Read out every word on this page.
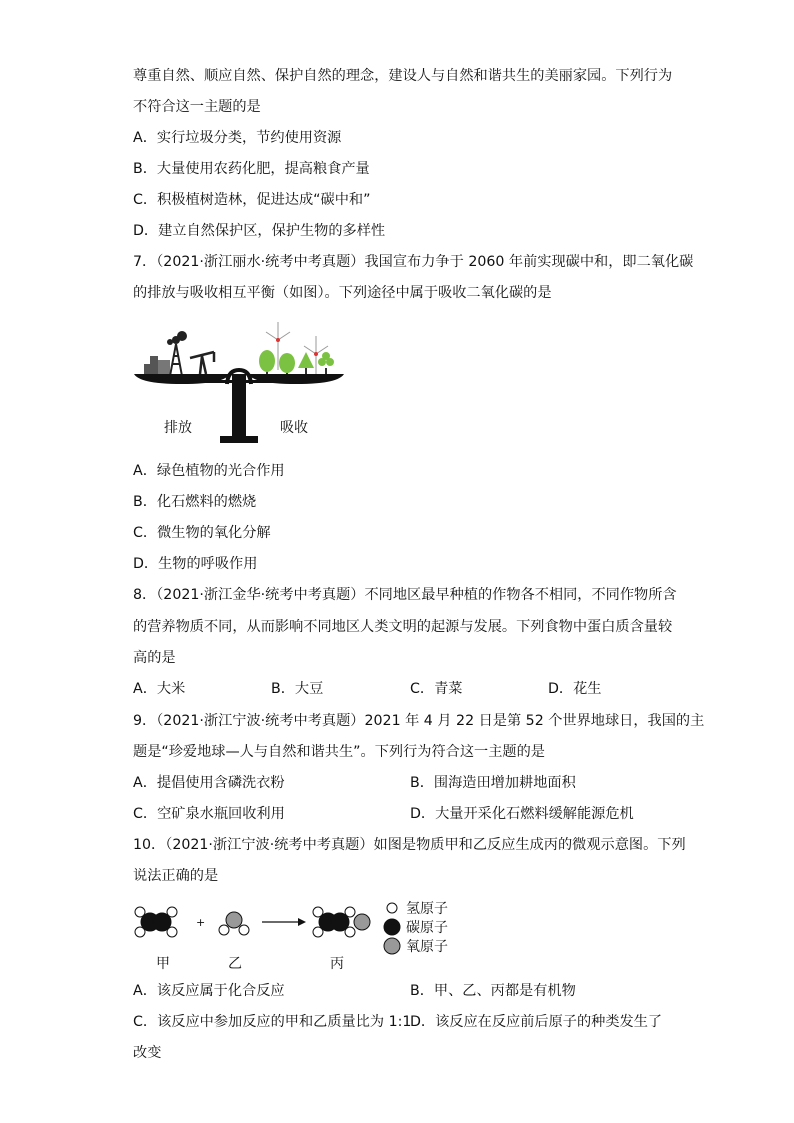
尊重自然、顺应自然、保护自然的理念，建设人与自然和谐共生的美丽家园。下列行为
不符合这一主题的是
A．实行垃圾分类，节约使用资源
B．大量使用农药化肥，提高粮食产量
C．积极植树造林，促进达成“碳中和”
D．建立自然保护区，保护生物的多样性
7．（2021·浙江丽水·统考中考真题）我国宣布力争于 2060 年前实现碳中和，即二氧化碳
的排放与吸收相互平衡（如图）。下列途径中属于吸收二氧化碳的是
排放	吸收
A．绿色植物的光合作用
B．化石燃料的燃烧
C．微生物的氧化分解
D．生物的呼吸作用
8．（2021·浙江金华·统考中考真题）不同地区最早种植的作物各不相同，不同作物所含
的营养物质不同，从而影响不同地区人类文明的起源与发展。下列食物中蛋白质含量较
高的是
A．大米	B．大豆	C．青菜	D．花生
9．（2021·浙江宁波·统考中考真题）2021 年 4 月 22 日是第 52 个世界地球日，我国的主
题是“珍爱地球—人与自然和谐共生”。下列行为符合这一主题的是
A．提倡使用含磷洗衣粉	B．围海造田增加耕地面积
C．空矿泉水瓶回收利用	D．大量开采化石燃料缓解能源危机
10．（2021·浙江宁波·统考中考真题）如图是物质甲和乙反应生成丙的微观示意图。下列
说法正确的是
+
氢原子
碳原子
氧原子
甲	乙	丙
A．该反应属于化合反应	B．甲、乙、丙都是有机物
C．该反应中参加反应的甲和乙质量比为 1:1
D．该反应在反应前后原子的种类发生了
改变
